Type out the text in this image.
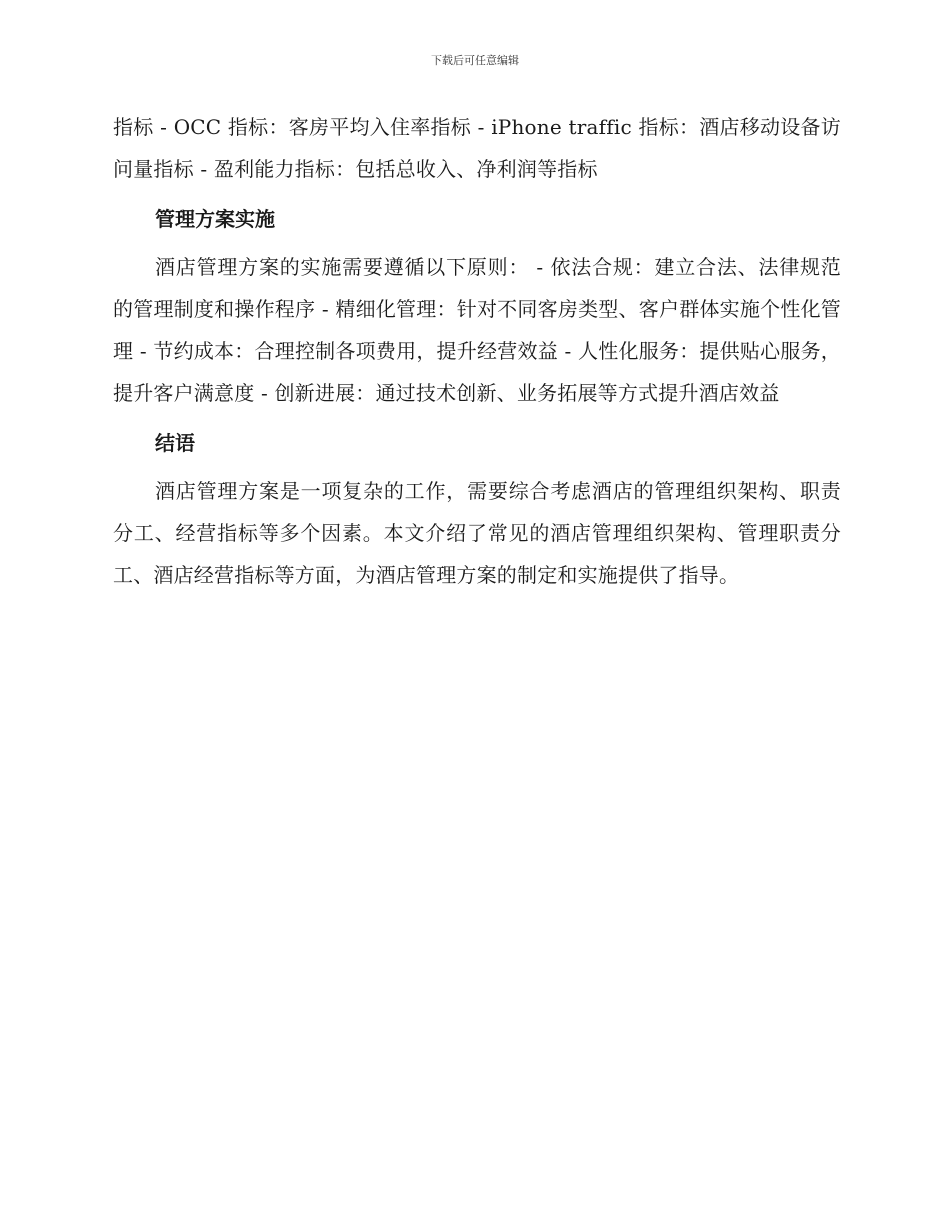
下载后可任意编辑

指标 - OCC 指标：客房平均入住率指标 - iPhone traffic 指标：酒店移动设备访问量指标 - 盈利能力指标：包括总收入、净利润等指标

管理方案实施

酒店管理方案的实施需要遵循以下原则： - 依法合规：建立合法、法律规范的管理制度和操作程序 - 精细化管理：针对不同客房类型、客户群体实施个性化管理 - 节约成本：合理控制各项费用，提升经营效益 - 人性化服务：提供贴心服务，提升客户满意度 - 创新进展：通过技术创新、业务拓展等方式提升酒店效益

结语

酒店管理方案是一项复杂的工作，需要综合考虑酒店的管理组织架构、职责分工、经营指标等多个因素。本文介绍了常见的酒店管理组织架构、管理职责分工、酒店经营指标等方面，为酒店管理方案的制定和实施提供了指导。
